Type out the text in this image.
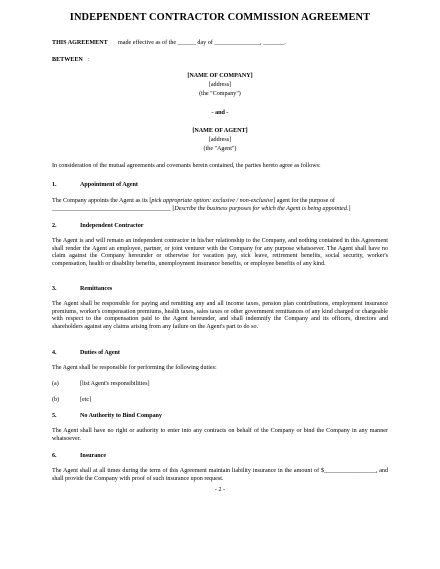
INDEPENDENT CONTRACTOR COMMISSION AGREEMENT
THIS AGREEMENT made effective as of the ______ day of _______________, _______.
BETWEEN :
[NAME OF COMPANY]
[address]
(the "Company")
- and -
[NAME OF AGENT]
[address]
(the "Agent")
In consideration of the mutual agreements and covenants herein contained, the parties hereto agree as follows:
1.	Appointment of Agent
The Company appoints the Agent as its [pick appropriate option: exclusive / non-exclusive] agent for the purpose of
_______________________________________ [Describe the business purposes for which the Agent is being appointed.]
2.	Independent Contractor
The Agent is and will remain an independent contractor in his/her relationship to the Company, and nothing contained in this Agreement shall render the Agent an employee, partner, or joint venturer with the Company for any purpose whatsoever. The Agent shall have no claim against the Company hereunder or otherwise for vacation pay, sick leave, retirement benefits, social security, worker's compensation, health or disability benefits, unemployment insurance benefits, or employee benefits of any kind.
3.	Remittances
The Agent shall be responsible for paying and remitting any and all income taxes, pension plan contributions, employment insurance premiums, worker's compensation premiums, health taxes, sales taxes or other government remittances of any kind charged or chargeable with respect to the compensation paid to the Agent hereunder, and shall indemnify the Company and its officers, directors and shareholders against any claims arising from any failure on the Agent's part to do so.
4.	Duties of Agent
The Agent shall be responsible for performing the following duties:
(a)	[list Agent's responsibilities]
(b)	[etc]
5.	No Authority to Bind Company
The Agent shall have no right or authority to enter into any contracts on behalf of the Company or bind the Company in any manner whatsoever.
6.	Insurance
The Agent shall at all times during the term of this Agreement maintain liability insurance in the amount of $_________________, and shall provide the Company with proof of such insurance upon request.
- 2 -
